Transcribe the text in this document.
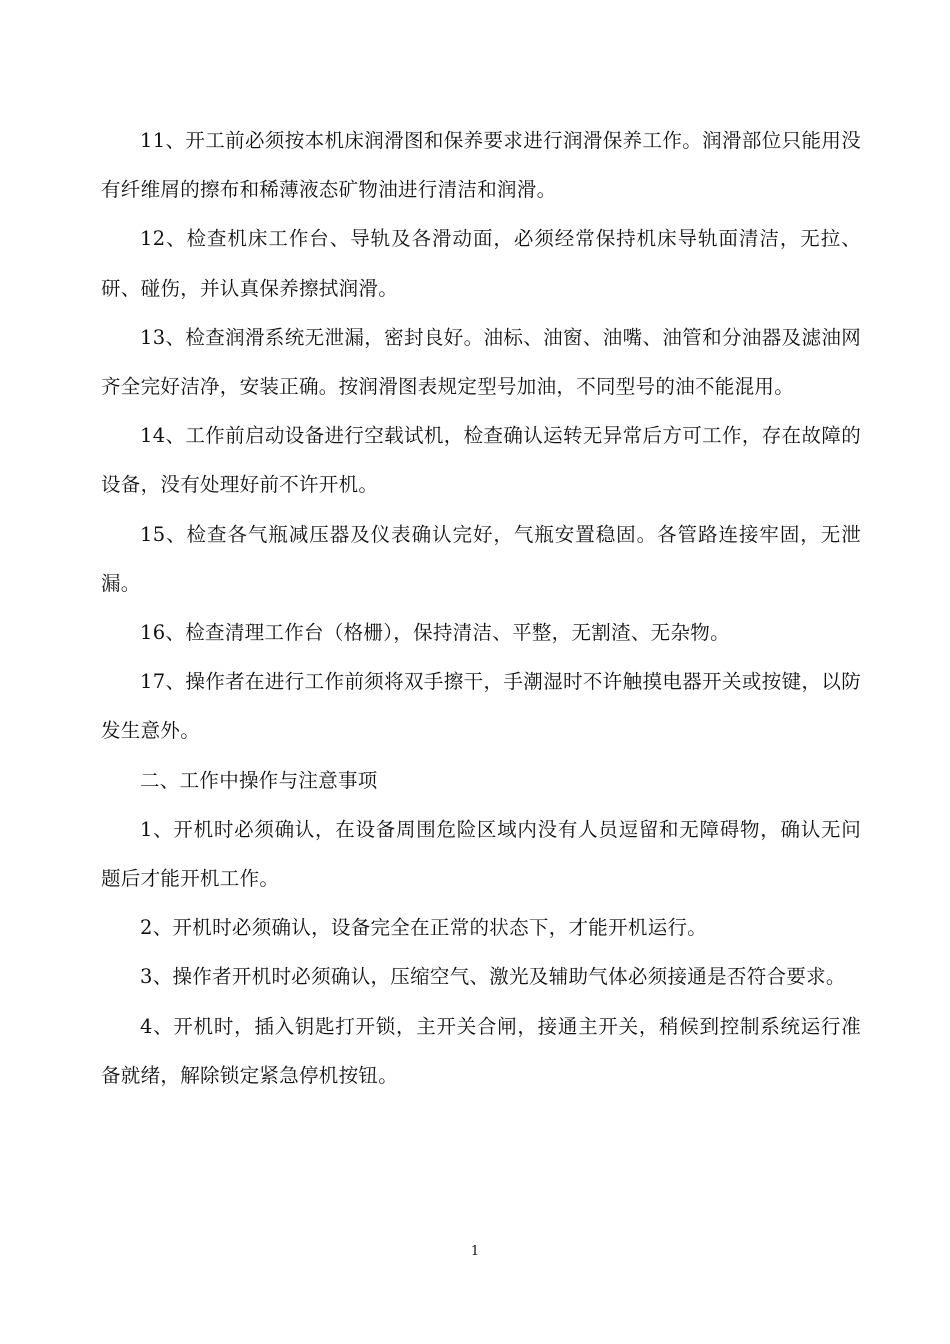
11、开工前必须按本机床润滑图和保养要求进行润滑保养工作。润滑部位只能用没有纤维屑的擦布和稀薄液态矿物油进行清洁和润滑。

12、检查机床工作台、导轨及各滑动面，必须经常保持机床导轨面清洁，无拉、研、碰伤，并认真保养擦拭润滑。

13、检查润滑系统无泄漏，密封良好。油标、油窗、油嘴、油管和分油器及滤油网齐全完好洁净，安装正确。按润滑图表规定型号加油，不同型号的油不能混用。

14、工作前启动设备进行空载试机，检查确认运转无异常后方可工作，存在故障的设备，没有处理好前不许开机。

15、检查各气瓶减压器及仪表确认完好，气瓶安置稳固。各管路连接牢固，无泄漏。

16、检查清理工作台（格栅），保持清洁、平整，无割渣、无杂物。

17、操作者在进行工作前须将双手擦干，手潮湿时不许触摸电器开关或按键，以防发生意外。

二、工作中操作与注意事项

1、开机时必须确认，在设备周围危险区域内没有人员逗留和无障碍物，确认无问题后才能开机工作。

2、开机时必须确认，设备完全在正常的状态下，才能开机运行。

3、操作者开机时必须确认，压缩空气、激光及辅助气体必须接通是否符合要求。

4、开机时，插入钥匙打开锁，主开关合闸，接通主开关，稍候到控制系统运行准备就绪，解除锁定紧急停机按钮。

1
